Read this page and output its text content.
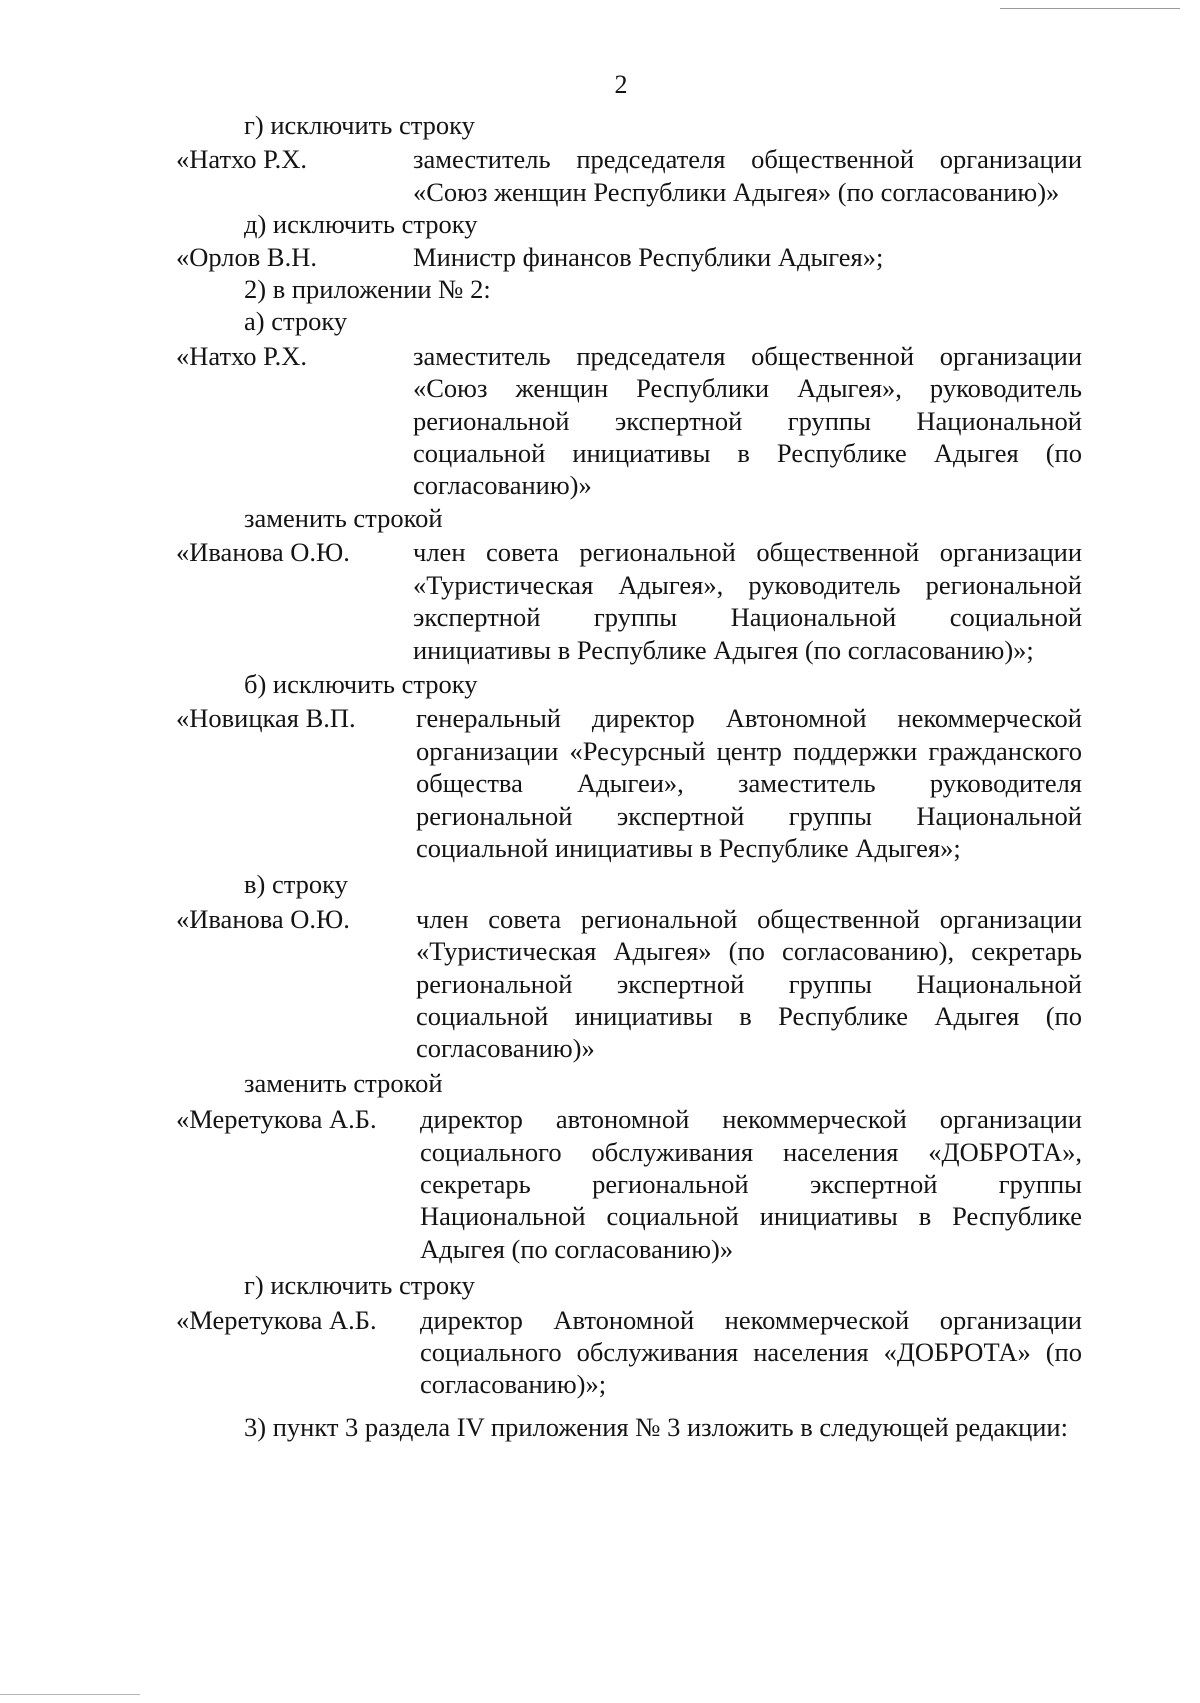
2
г) исключить строку
«Натхо Р.Х.	заместитель председателя общественной организации «Союз женщин Республики Адыгея» (по согласованию)»
д) исключить строку
«Орлов В.Н.	Министр финансов Республики Адыгея»;
2) в приложении № 2:
а) строку
«Натхо Р.Х.	заместитель председателя общественной организации «Союз женщин Республики Адыгея», руководитель региональной экспертной группы Национальной социальной инициативы в Республике Адыгея (по согласованию)»
заменить строкой
«Иванова О.Ю.	член совета региональной общественной организации «Туристическая Адыгея», руководитель региональной экспертной группы Национальной социальной инициативы в Республике Адыгея (по согласованию)»;
б) исключить строку
«Новицкая В.П.	генеральный директор Автономной некоммерческой организации «Ресурсный центр поддержки гражданского общества Адыгеи», заместитель руководителя региональной экспертной группы Национальной социальной инициативы в Республике Адыгея»;
в) строку
«Иванова О.Ю.	член совета региональной общественной организации «Туристическая Адыгея» (по согласованию), секретарь региональной экспертной группы Национальной социальной инициативы в Республике Адыгея (по согласованию)»
заменить строкой
«Меретукова А.Б.	директор автономной некоммерческой организации социального обслуживания населения «ДОБРОТА», секретарь региональной экспертной группы Национальной социальной инициативы в Республике Адыгея (по согласованию)»
г) исключить строку
«Меретукова А.Б.	директор Автономной некоммерческой организации социального обслуживания населения «ДОБРОТА» (по согласованию)»;
3) пункт 3 раздела IV приложения № 3 изложить в следующей редакции:
